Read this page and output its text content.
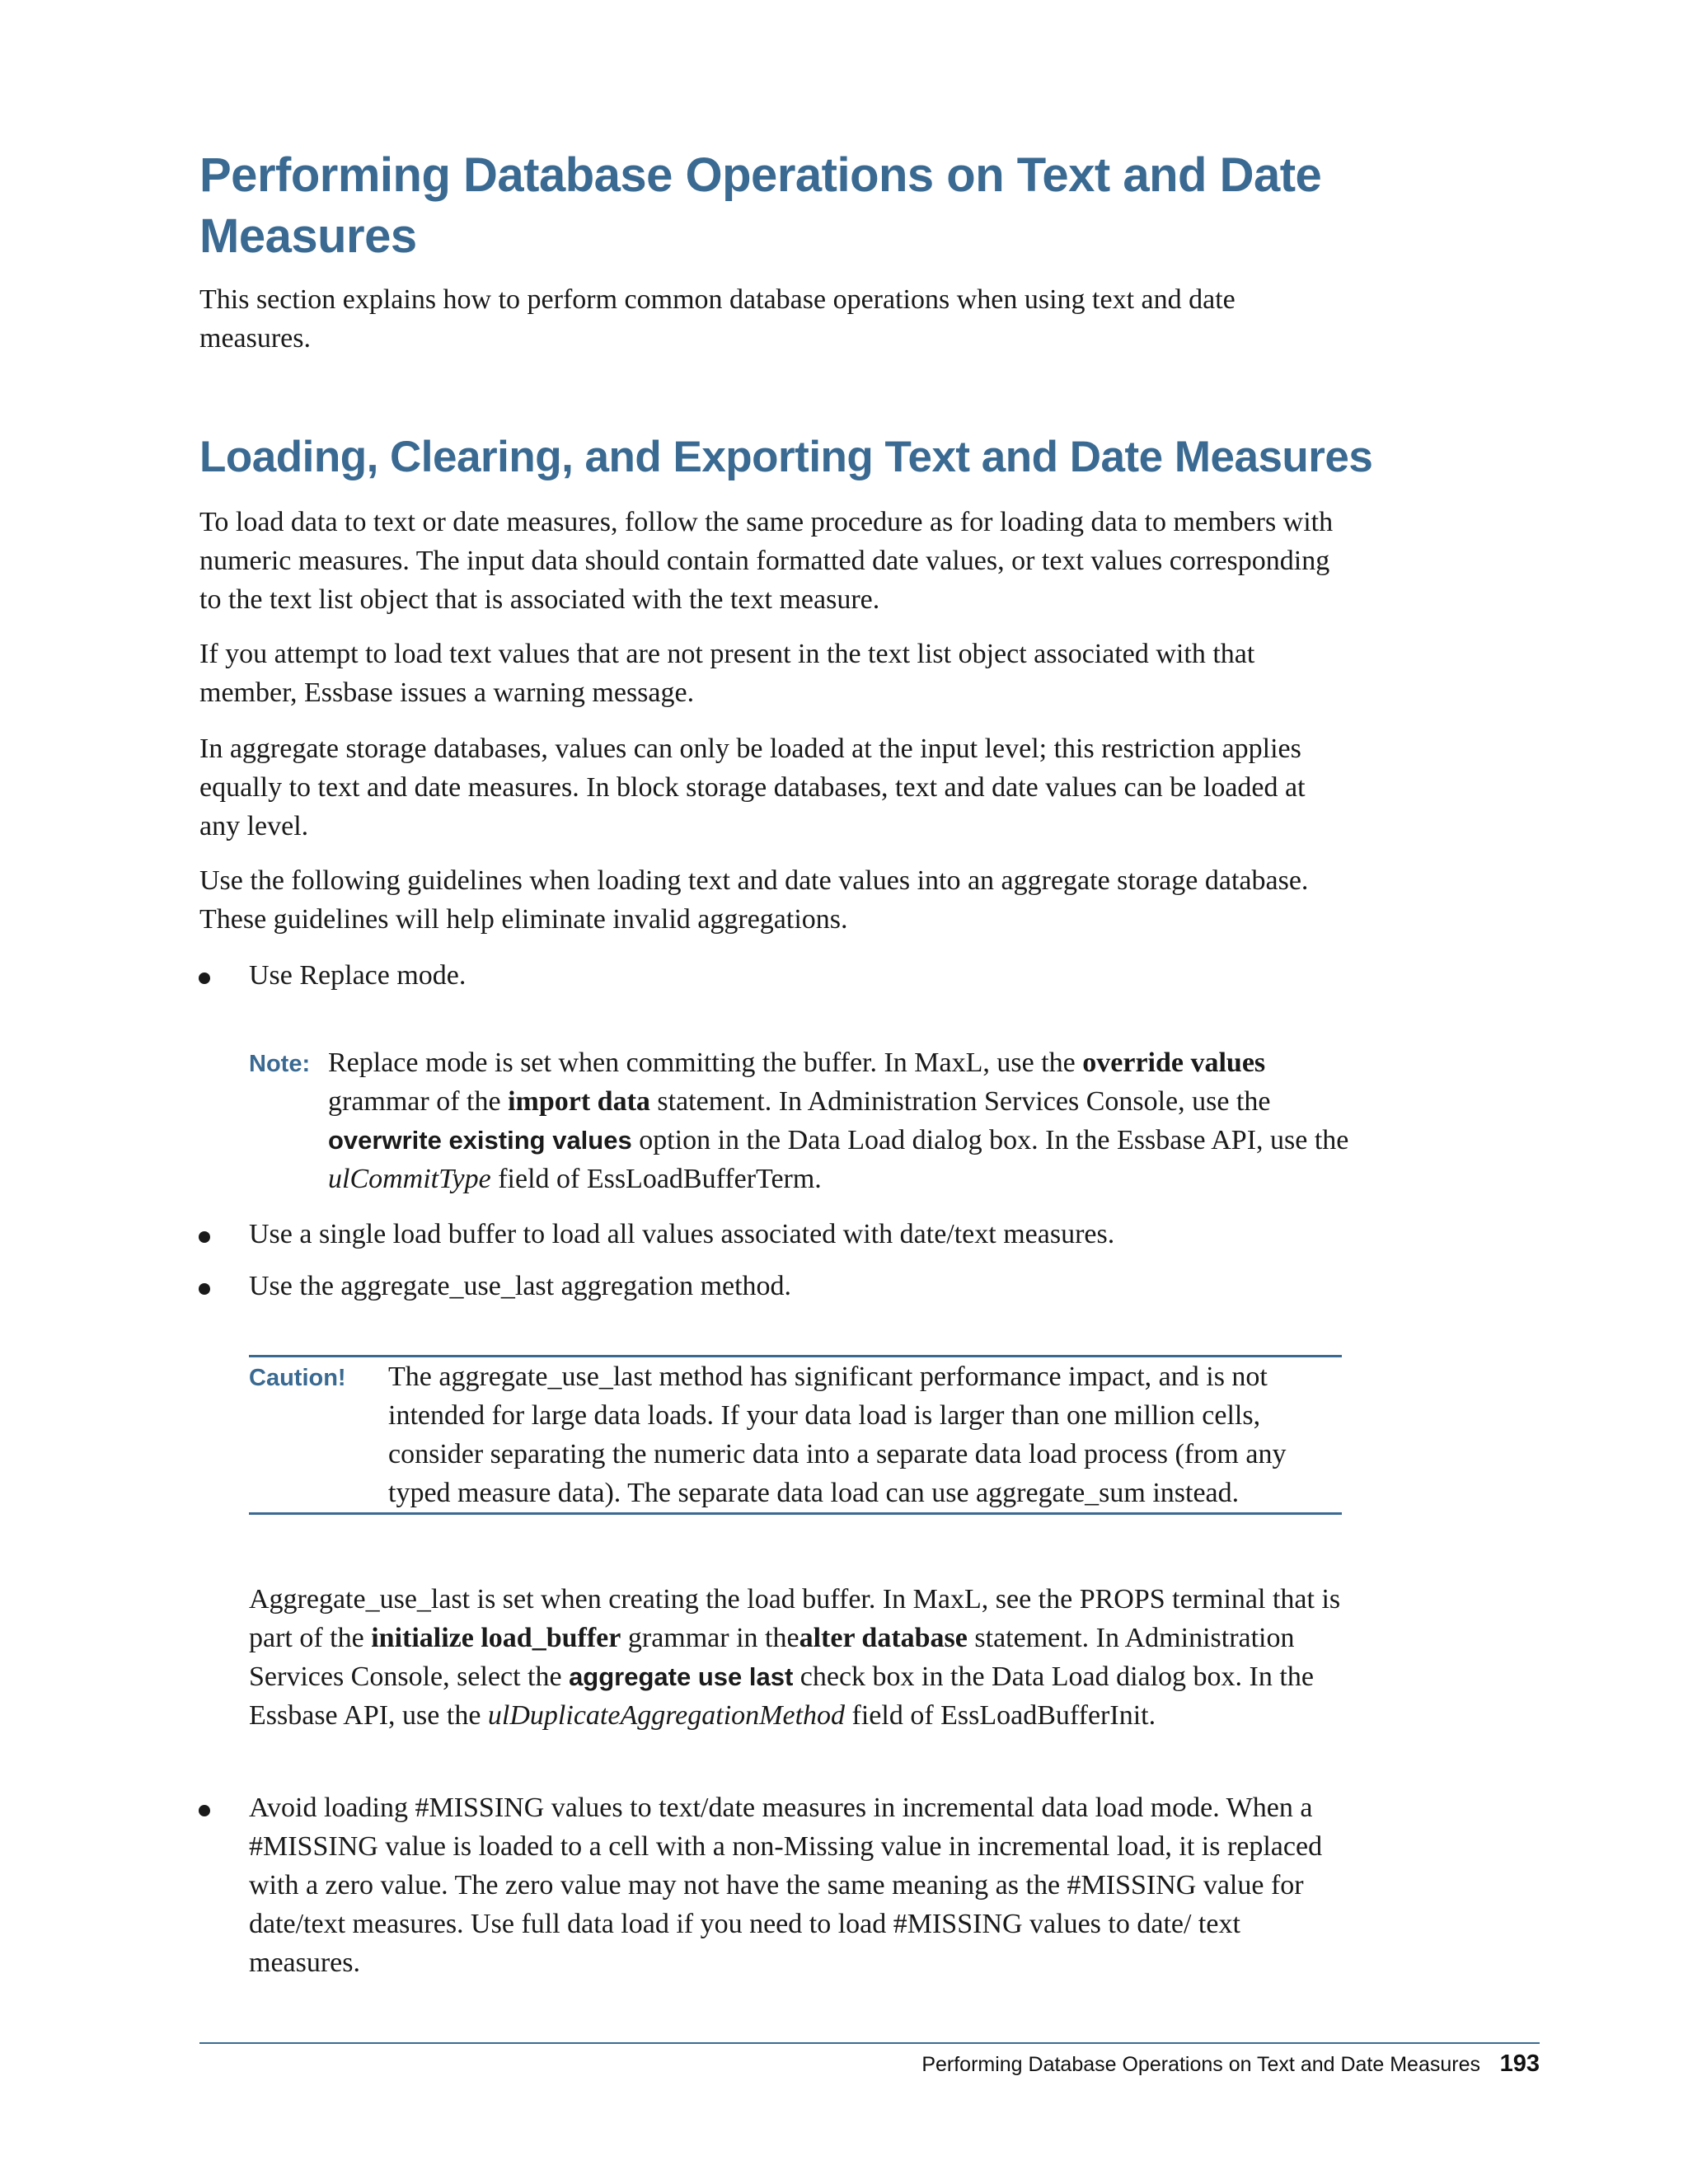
Performing Database Operations on Text and Date Measures

This section explains how to perform common database operations when using text and date measures.

Loading, Clearing, and Exporting Text and Date Measures

To load data to text or date measures, follow the same procedure as for loading data to members with numeric measures. The input data should contain formatted date values, or text values corresponding to the text list object that is associated with the text measure.

If you attempt to load text values that are not present in the text list object associated with that member, Essbase issues a warning message.

In aggregate storage databases, values can only be loaded at the input level; this restriction applies equally to text and date measures. In block storage databases, text and date values can be loaded at any level.

Use the following guidelines when loading text and date values into an aggregate storage database. These guidelines will help eliminate invalid aggregations.

Use Replace mode.

Note: Replace mode is set when committing the buffer. In MaxL, use the override values grammar of the import data statement. In Administration Services Console, use the overwrite existing values option in the Data Load dialog box. In the Essbase API, use the ulCommitType field of EssLoadBufferTerm.

Use a single load buffer to load all values associated with date/text measures.

Use the aggregate_use_last aggregation method.

Caution! The aggregate_use_last method has significant performance impact, and is not intended for large data loads. If your data load is larger than one million cells, consider separating the numeric data into a separate data load process (from any typed measure data). The separate data load can use aggregate_sum instead.

Aggregate_use_last is set when creating the load buffer. In MaxL, see the PROPS terminal that is part of the initialize load_buffer grammar in thealter database statement. In Administration Services Console, select the aggregate use last check box in the Data Load dialog box. In the Essbase API, use the ulDuplicateAggregationMethod field of EssLoadBufferInit.

Avoid loading #MISSING values to text/date measures in incremental data load mode. When a #MISSING value is loaded to a cell with a non-Missing value in incremental load, it is replaced with a zero value. The zero value may not have the same meaning as the #MISSING value for date/text measures. Use full data load if you need to load #MISSING values to date/ text measures.

Performing Database Operations on Text and Date Measures 193
